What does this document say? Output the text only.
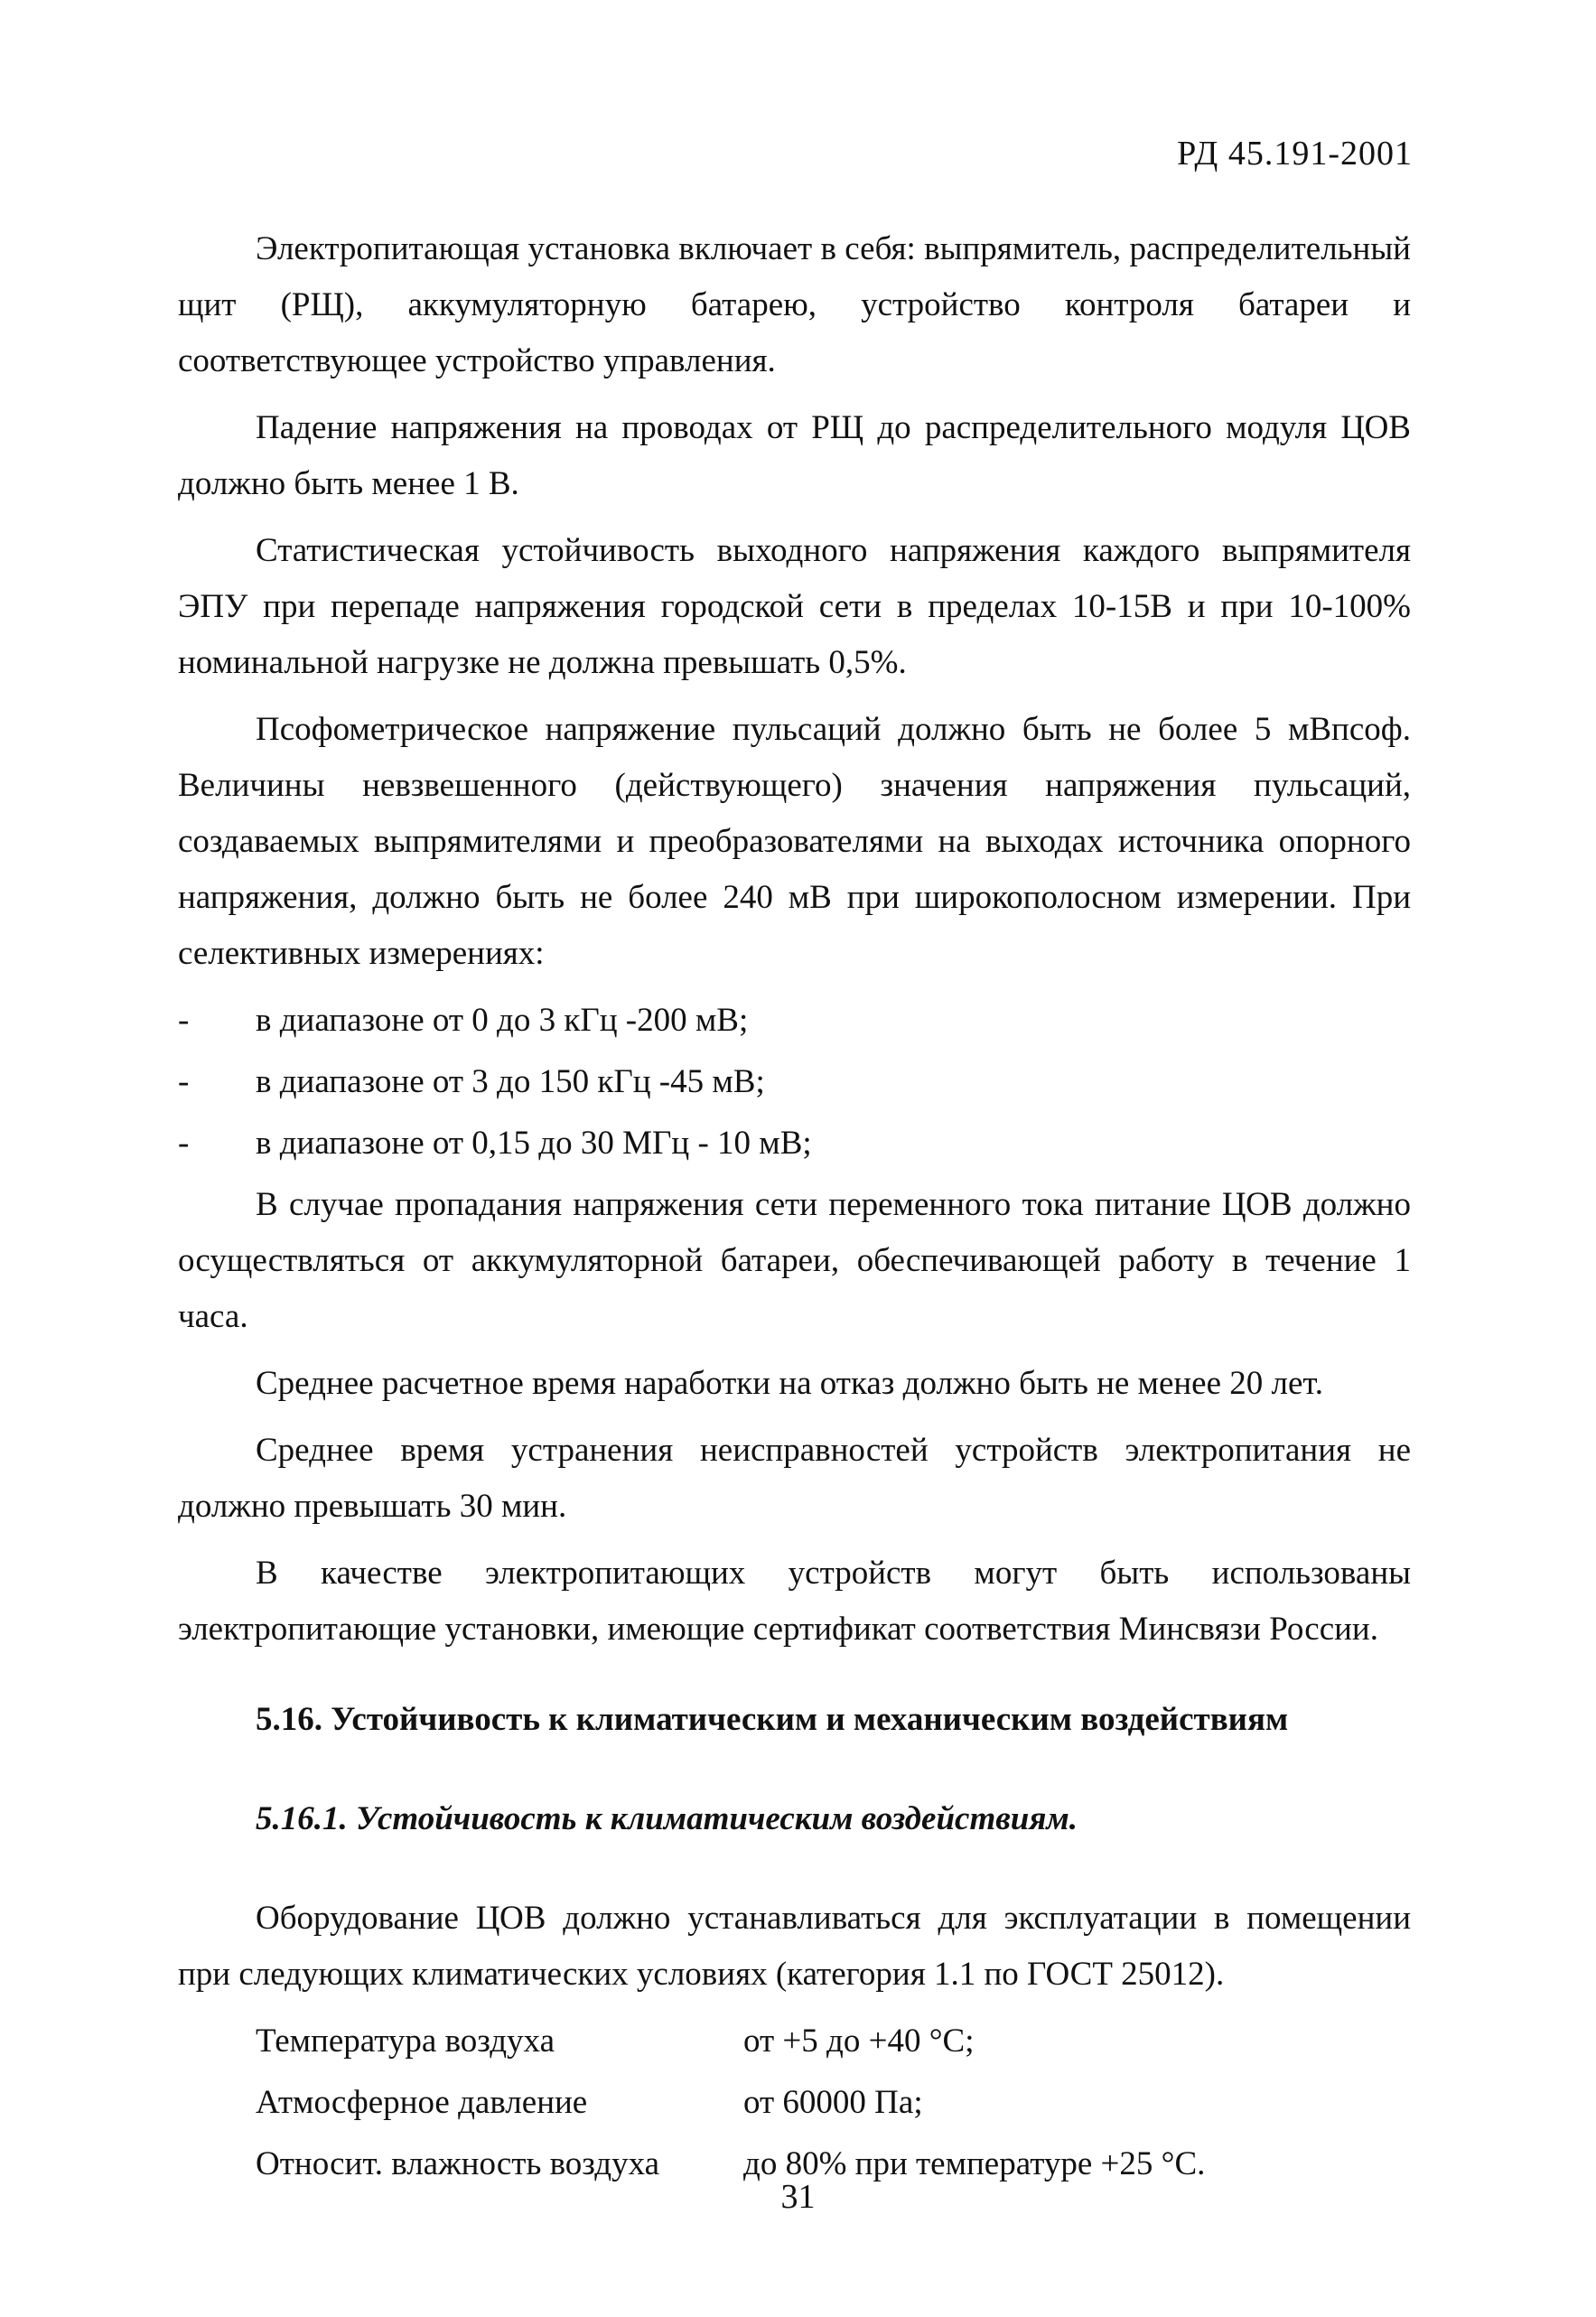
РД 45.191-2001

Электропитающая установка включает в себя: выпрямитель, распределительный щит (РЩ), аккумуляторную батарею, устройство контроля батареи и соответствующее устройство управления.

Падение напряжения на проводах от РЩ до распределительного модуля ЦОВ должно быть менее 1 В.

Статистическая устойчивость выходного напряжения каждого выпрямителя ЭПУ при перепаде напряжения городской сети в пределах 10-15В и при 10-100% номинальной нагрузке не должна превышать 0,5%.

Псофометрическое напряжение пульсаций должно быть не более 5 мВпсоф. Величины невзвешенного (действующего) значения напряжения пульсаций, создаваемых выпрямителями и преобразователями на выходах источника опорного напряжения, должно быть не более 240 мВ при широкополосном измерении. При селективных измерениях:

- в диапазоне от 0 до 3 кГц -200 мВ;
- в диапазоне от 3 до 150 кГц -45 мВ;
- в диапазоне от 0,15 до 30 МГц - 10 мВ;

В случае пропадания напряжения сети переменного тока питание ЦОВ должно осуществляться от аккумуляторной батареи, обеспечивающей работу в течение 1 часа.

Среднее расчетное время наработки на отказ должно быть не менее 20 лет.

Среднее время устранения неисправностей устройств электропитания не должно превышать 30 мин.

В качестве электропитающих устройств могут быть использованы электропитающие установки, имеющие сертификат соответствия Минсвязи России.

5.16. Устойчивость к климатическим и механическим воздействиям

5.16.1. Устойчивость к климатическим воздействиям.

Оборудование ЦОВ должно устанавливаться для эксплуатации в помещении при следующих климатических условиях (категория 1.1 по ГОСТ 25012).

Температура воздуха	от +5 до +40 °С;
Атмосферное давление	от 60000 Па;
Относит. влажность воздуха	до 80% при температуре +25 °С.
31
